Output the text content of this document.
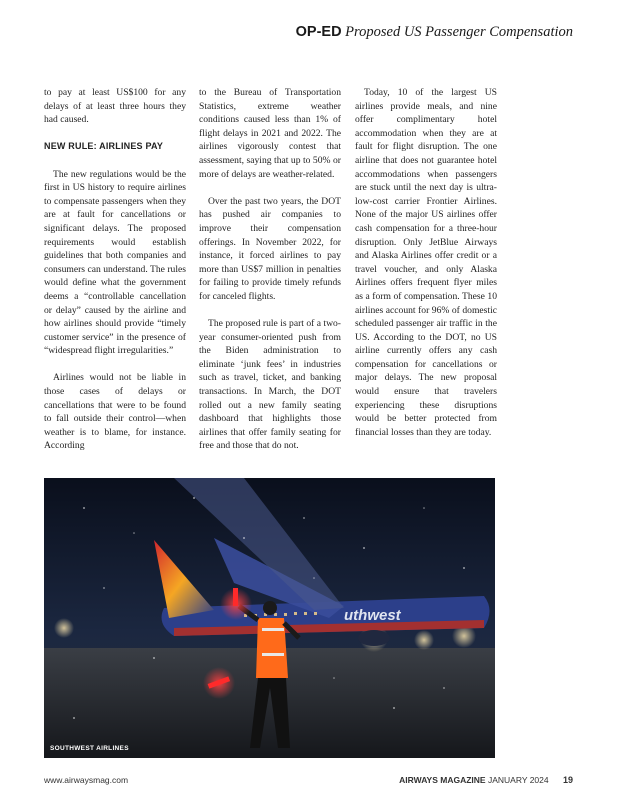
OP-ED Proposed US Passenger Compensation

to pay at least US$100 for any delays of at least three hours they had caused.

NEW RULE: AIRLINES PAY

The new regulations would be the first in US history to require airlines to compensate passengers when they are at fault for cancellations or significant delays. The proposed requirements would establish guidelines that both companies and consumers can understand. The rules would define what the government deems a “controllable cancellation or delay” caused by the airline and how airlines should provide “timely customer service” in the presence of “widespread flight irregularities.”

Airlines would not be liable in those cases of delays or cancellations that were to be found to fall outside their control—when weather is to blame, for instance. According

to the Bureau of Transportation Statistics, extreme weather conditions caused less than 1% of flight delays in 2021 and 2022. The airlines vigorously contest that assessment, saying that up to 50% or more of delays are weather-related.

Over the past two years, the DOT has pushed air companies to improve their compensation offerings. In November 2022, for instance, it forced airlines to pay more than US$7 million in penalties for failing to provide timely refunds for canceled flights.

The proposed rule is part of a two-year consumer-oriented push from the Biden administration to eliminate ‘junk fees’ in industries such as travel, ticket, and banking transactions. In March, the DOT rolled out a new family seating dashboard that highlights those airlines that offer family seating for free and those that do not.

Today, 10 of the largest US airlines provide meals, and nine offer complimentary hotel accommodation when they are at fault for flight disruption. The one airline that does not guarantee hotel accommodations when passengers are stuck until the next day is ultra-low-cost carrier Frontier Airlines. None of the major US airlines offer cash compensation for a three-hour disruption. Only JetBlue Airways and Alaska Airlines offer credit or a travel voucher, and only Alaska Airlines offers frequent flyer miles as a form of compensation. These 10 airlines account for 96% of domestic scheduled passenger air traffic in the US. According to the DOT, no US airline currently offers any cash compensation for cancellations or major delays. The new proposal would ensure that travelers experiencing these disruptions would be better protected from financial losses than they are today.

uthwest
SOUTHWEST AIRLINES
www.airwaysmag.com	AIRWAYS MAGAZINE JANUARY 2024 19
